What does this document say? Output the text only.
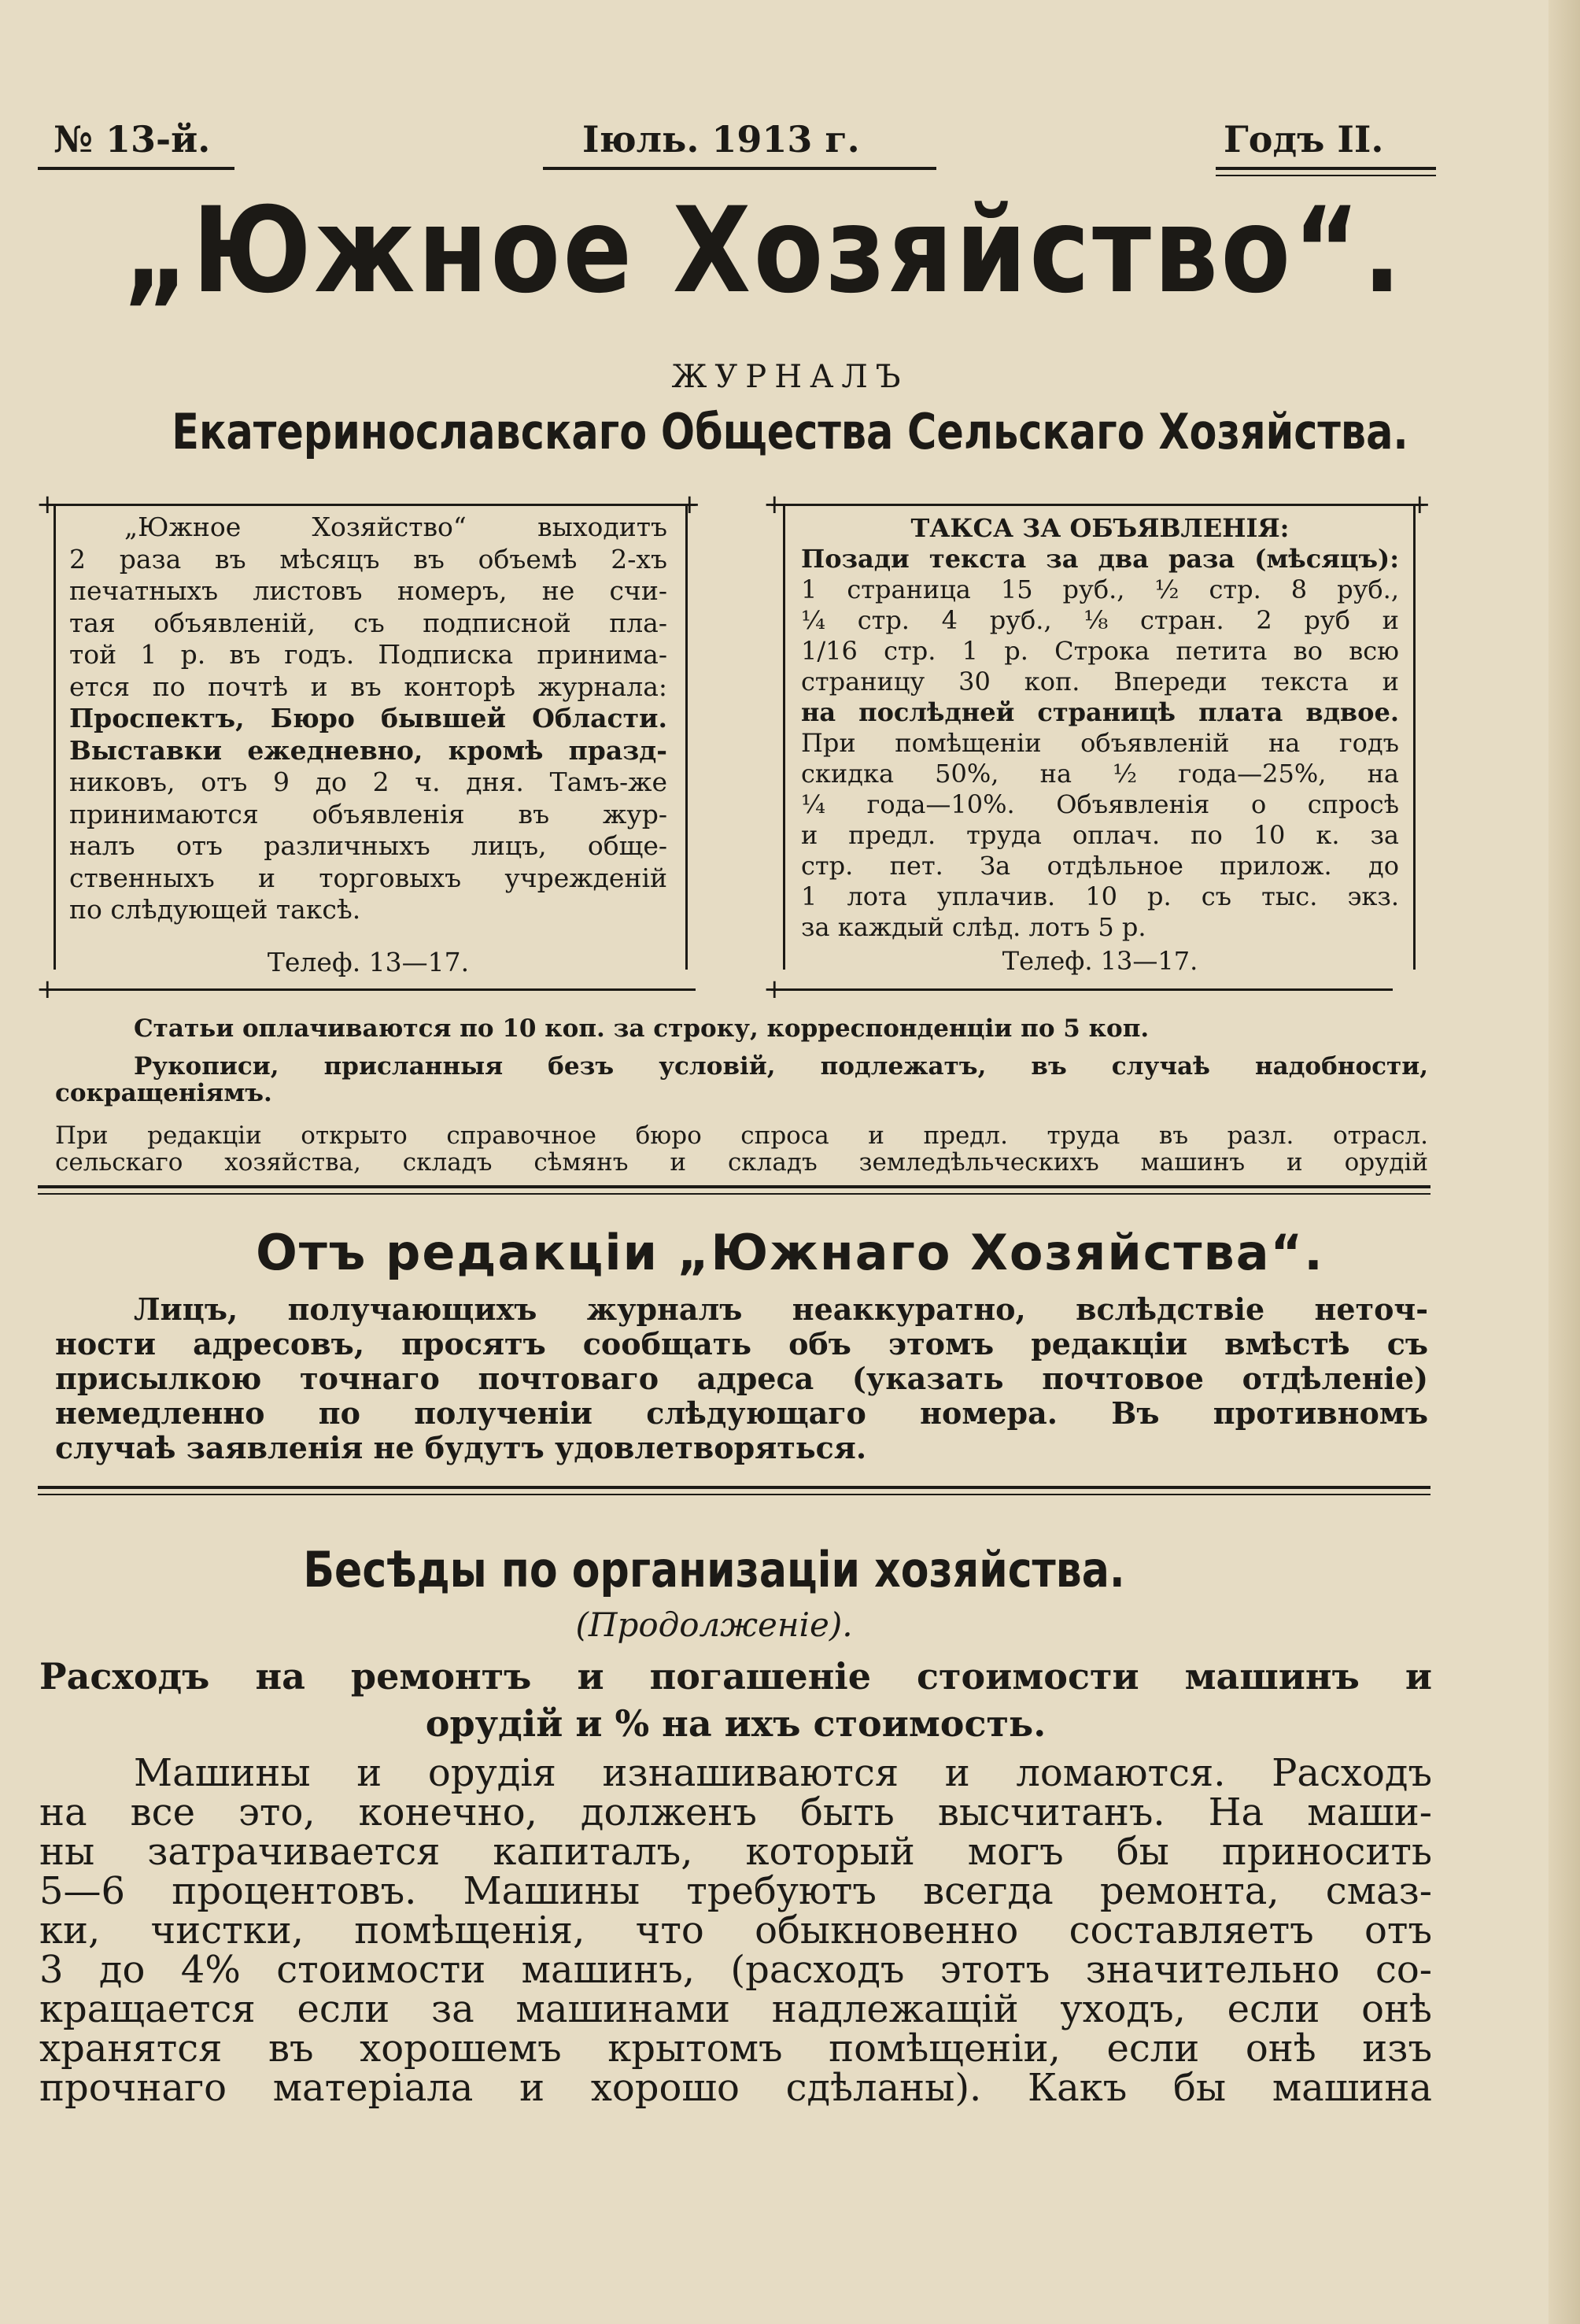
№ 13-й.	Іюль. 1913 г.	Годъ II.
„Южное Хозяйство“.
ЖУРНАЛЪ
Екатеринославскаго Общества Сельскаго Хозяйства.
+	+
+
„Южное Хозяйство“ выходитъ
2 раза въ мѣсяцъ въ объемѣ 2-хъ
печатныхъ листовъ номеръ, не счи-
тая объявленій, съ подписной пла-
той 1 р. въ годъ. Подписка принима-
ется по почтѣ и въ конторѣ журнала:
Проспектъ, Бюро бывшей Области.
Выставки ежедневно, кромѣ празд-
никовъ, отъ 9 до 2 ч. дня. Тамъ-же
принимаются объявленія въ жур-
налъ отъ различныхъ лицъ, обще-
ственныхъ и торговыхъ учрежденій
по слѣдующей таксѣ.
Телеф. 13—17.
+	+
+
ТАКСА ЗА ОБЪЯВЛЕНІЯ:
Позади текста за два раза (мѣсяцъ):
1 страница 15 руб., ½ стр. 8 руб.,
¼ стр. 4 руб., ⅛ стран. 2 руб и
1/16 стр. 1 р. Строка петита во всю
страницу 30 коп. Впереди текста и
на послѣдней страницѣ плата вдвое.
При помѣщеніи объявленій на годъ
скидка 50%, на ½ года—25%, на
¼ года—10%. Объявленія о спросѣ
и предл. труда оплач. по 10 к. за
стр. пет. За отдѣльное прилож. до
1 лота уплачив. 10 р. съ тыс. экз.
за каждый слѣд. лотъ 5 р.
Телеф. 13—17.
Статьи оплачиваются по 10 коп. за строку, корреспонденціи по 5 коп.
Рукописи, присланныя безъ условій, подлежатъ, въ случаѣ надобности,
сокращеніямъ.
При редакціи открыто справочное бюро спроса и предл. труда въ разл. отрасл.
сельскаго хозяйства, складъ сѣмянъ и складъ земледѣльческихъ машинъ и орудій
Отъ редакціи „Южнаго Хозяйства“.
Лицъ, получающихъ журналъ неаккуратно, вслѣдствіе неточ-
ности адресовъ, просятъ сообщать объ этомъ редакціи вмѣстѣ съ
присылкою точнаго почтоваго адреса (указать почтовое отдѣленіе)
немедленно по полученіи слѣдующаго номера. Въ противномъ
случаѣ заявленія не будутъ удовлетворяться.
Бесѣды по организаціи хозяйства.
(Продолженіе).
Расходъ на ремонтъ и погашеніе стоимости машинъ и
орудій и % на ихъ стоимость.
Машины и орудія изнашиваются и ломаются. Расходъ
на все это, конечно, долженъ быть высчитанъ. На маши-
ны затрачивается капиталъ, который могъ бы приносить
5—6 процентовъ. Машины требуютъ всегда ремонта, смаз-
ки, чистки, помѣщенія, что обыкновенно составляетъ отъ
3 до 4% стоимости машинъ, (расходъ этотъ значительно со-
кращается если за машинами надлежащій уходъ, если онѣ
хранятся въ хорошемъ крытомъ помѣщеніи, если онѣ изъ
прочнаго матеріала и хорошо сдѣланы). Какъ бы машина
